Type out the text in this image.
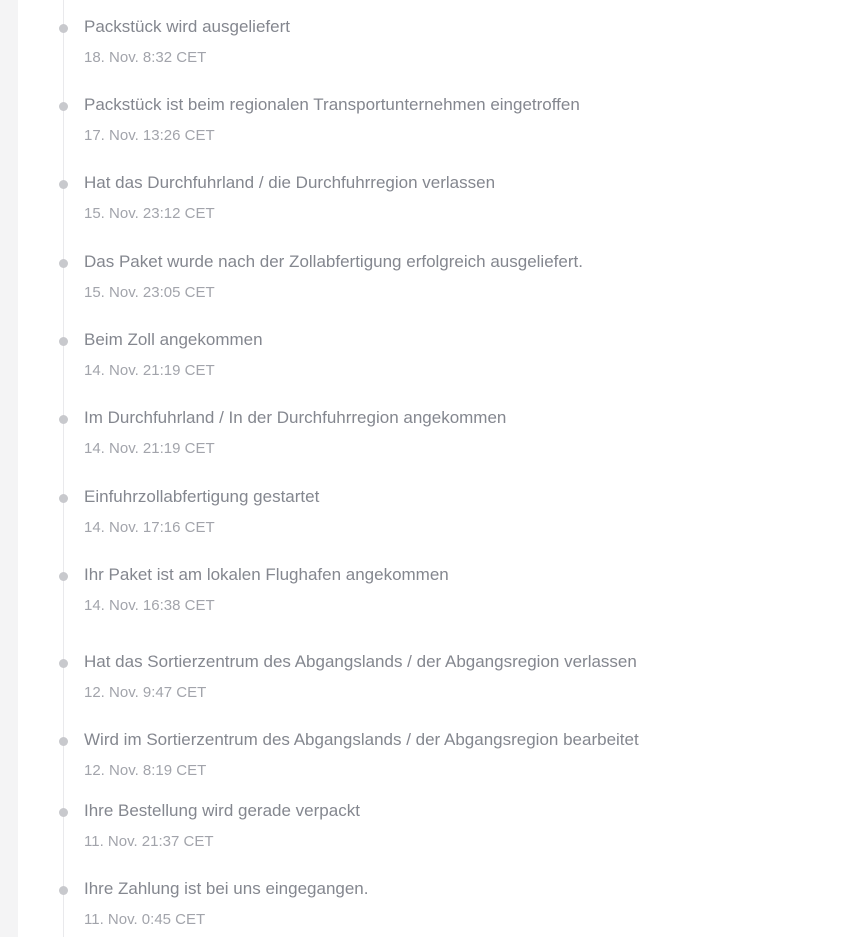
Packstück wird ausgeliefert
18. Nov. 8:32 CET
Packstück ist beim regionalen Transportunternehmen eingetroffen
17. Nov. 13:26 CET
Hat das Durchfuhrland / die Durchfuhrregion verlassen
15. Nov. 23:12 CET
Das Paket wurde nach der Zollabfertigung erfolgreich ausgeliefert.
15. Nov. 23:05 CET
Beim Zoll angekommen
14. Nov. 21:19 CET
Im Durchfuhrland / In der Durchfuhrregion angekommen
14. Nov. 21:19 CET
Einfuhrzollabfertigung gestartet
14. Nov. 17:16 CET
Ihr Paket ist am lokalen Flughafen angekommen
14. Nov. 16:38 CET
Hat das Sortierzentrum des Abgangslands / der Abgangsregion verlassen
12. Nov. 9:47 CET
Wird im Sortierzentrum des Abgangslands / der Abgangsregion bearbeitet
12. Nov. 8:19 CET
Ihre Bestellung wird gerade verpackt
11. Nov. 21:37 CET
Ihre Zahlung ist bei uns eingegangen.
11. Nov. 0:45 CET
